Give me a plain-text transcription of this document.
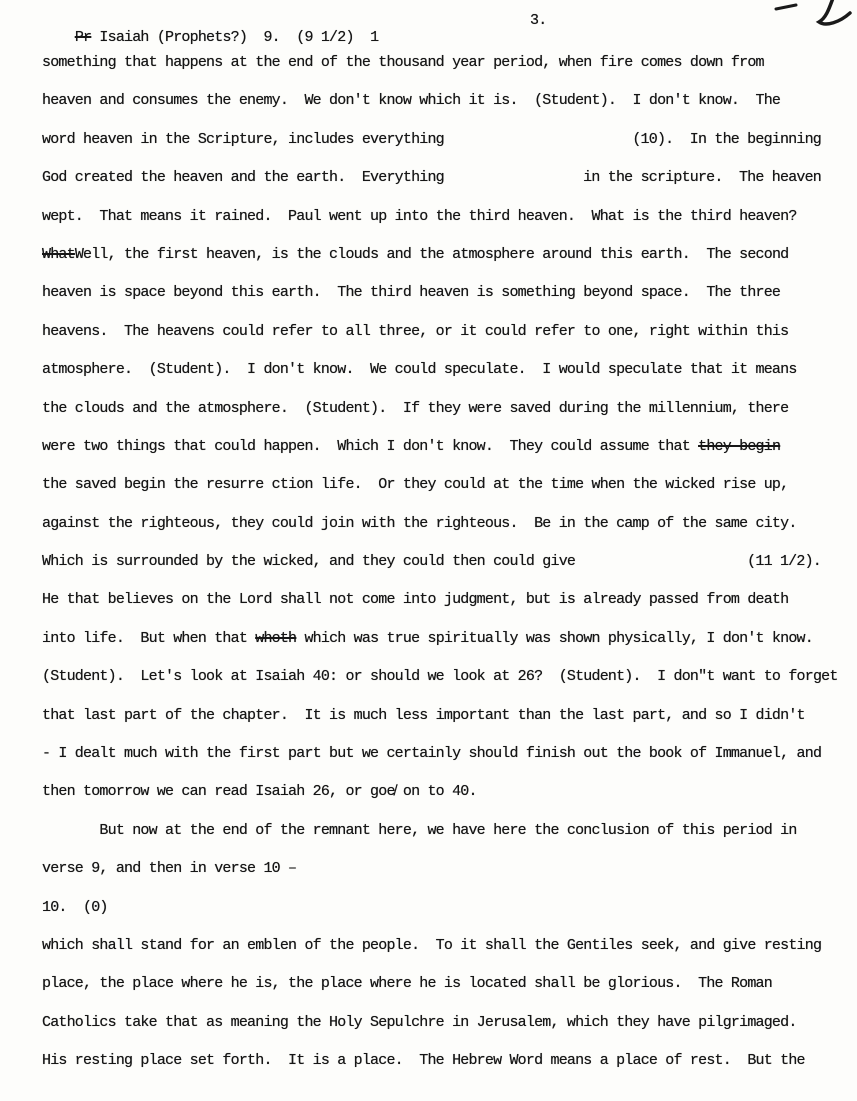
Pr Isaiah (Prophets?)  9.  (9 1/2)  1

3.

something that happens at the end of the thousand year period, when fire comes down from
heaven and consumes the enemy.  We don't know which it is.  (Student).  I don't know.  The
word heaven in the Scripture, includes everything	(10).  In the beginning
God created the heaven and the earth.  Everything	in the scripture.  The heaven
wept.  That means it rained.  Paul went up into the third heaven.  What is the third heaven?
What Well, the first heaven, is the clouds and the atmosphere around this earth.  The second
heaven is space beyond this earth.  The third heaven is something beyond space.  The three
heavens.  The heavens could refer to all three, or it could refer to one, right within this
atmosphere.  (Student).  I don't know.  We could speculate.  I would speculate that it means
the clouds and the atmosphere.  (Student).  If they were saved during the millennium, there
were two things that could happen.  Which I don't know.  They could assume that they begin
the saved begin the resurre ction life.  Or they could at the time when the wicked rise up,
against the righteous, they could join with the righteous.  Be in the camp of the same city.
Which is surrounded by the wicked, and they could then could give	(11 1/2).
He that believes on the Lord shall not come into judgment, but is already passed from death
into life.  But when that whoth which was true spiritually was shown physically, I don't know.
(Student).  Let's look at Isaiah 40: or should we look at 26?  (Student).  I don"t want to forget
that last part of the chapter.  It is much less important than the last part, and so I didn't
- I dealt much with the first part but we certainly should finish out the book of Immanuel, and
then tomorrow we can read Isaiah 26, or goe̸ on to 40.
But now at the end of the remnant here, we have here the conclusion of this period in
verse 9, and then in verse 10 –
10.  (0)
which shall stand for an emblen of the people.  To it shall the Gentiles seek, and give resting
place, the place where he is, the place where he is located shall be glorious.  The Roman
Catholics take that as meaning the Holy Sepulchre in Jerusalem, which they have pilgrimaged.
His resting place set forth.  It is a place.  The Hebrew Word means a place of rest.  But the
